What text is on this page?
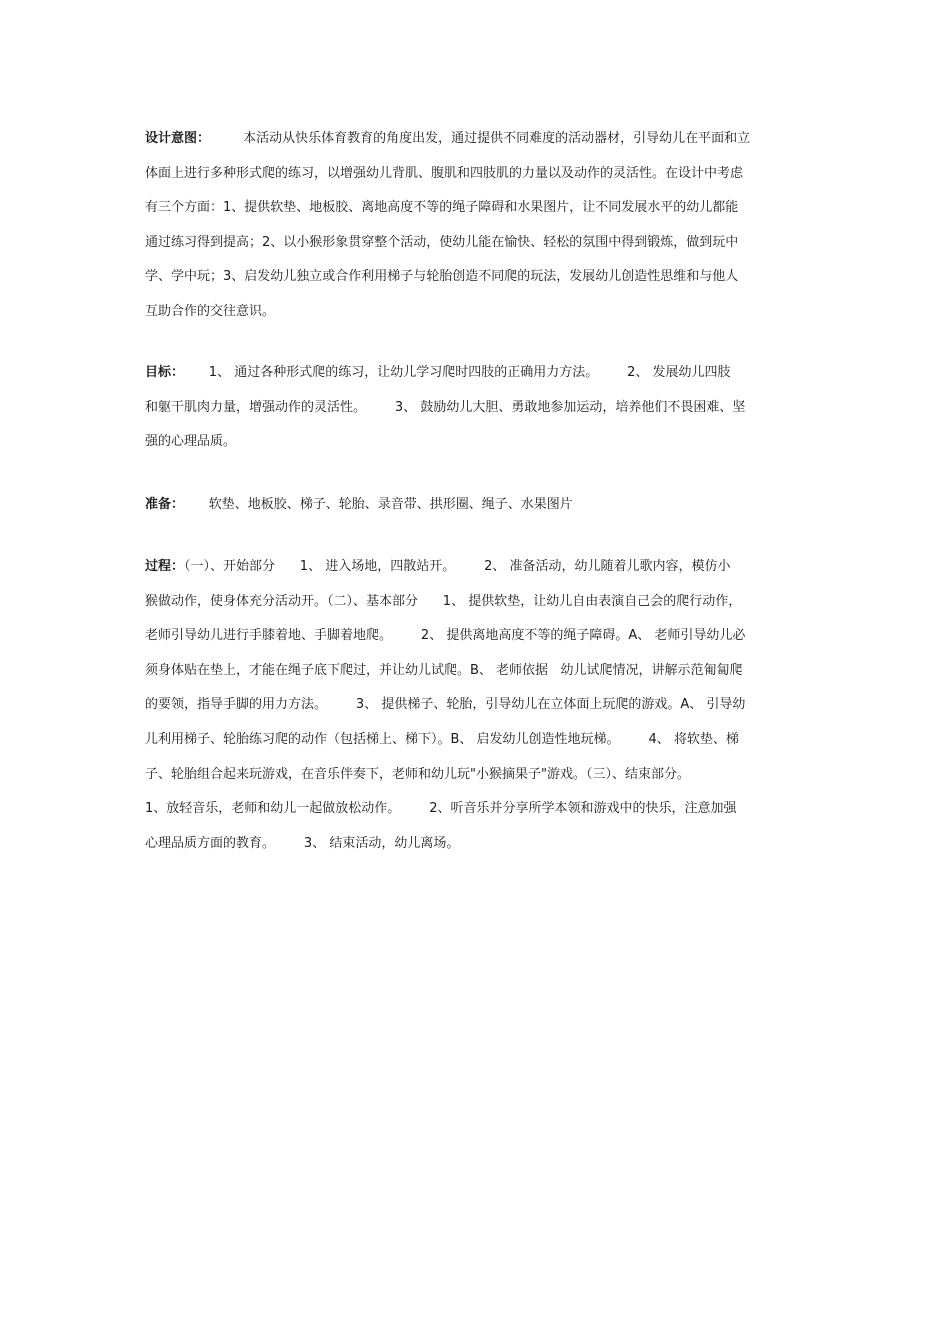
设计意图：        本活动从快乐体育教育的角度出发，通过提供不同难度的活动器材，引导幼儿在平面和立
体面上进行多种形式爬的练习，以增强幼儿背肌、腹肌和四肢肌的力量以及动作的灵活性。在设计中考虑
有三个方面：1、提供软垫、地板胶、离地高度不等的绳子障碍和水果图片，让不同发展水平的幼儿都能
通过练习得到提高；2、以小猴形象贯穿整个活动，使幼儿能在愉快、轻松的氛围中得到锻炼，做到玩中
学、学中玩；3、启发幼儿独立或合作利用梯子与轮胎创造不同爬的玩法，发展幼儿创造性思维和与他人
互助合作的交往意识。
目标：      1、 通过各种形式爬的练习，让幼儿学习爬时四肢的正确用力方法。       2、 发展幼儿四肢
和躯干肌肉力量，增强动作的灵活性。       3、 鼓励幼儿大胆、勇敢地参加运动，培养他们不畏困难、坚
强的心理品质。
准备：      软垫、地板胶、梯子、轮胎、录音带、拱形圈、绳子、水果图片
过程：（一）、开始部分      1、 进入场地，四散站开。       2、 准备活动，幼儿随着儿歌内容，模仿小
猴做动作，使身体充分活动开。（二）、基本部分      1、 提供软垫，让幼儿自由表演自己会的爬行动作，
老师引导幼儿进行手膝着地、手脚着地爬。       2、 提供离地高度不等的绳子障碍。A、 老师引导幼儿必
须身体贴在垫上，才能在绳子底下爬过，并让幼儿试爬。B、 老师依据   幼儿试爬情况，讲解示范匍匐爬
的要领，指导手脚的用力方法。       3、 提供梯子、轮胎，引导幼儿在立体面上玩爬的游戏。A、 引导幼
儿利用梯子、轮胎练习爬的动作（包括梯上、梯下）。B、 启发幼儿创造性地玩梯。       4、 将软垫、梯
子、轮胎组合起来玩游戏，在音乐伴奏下，老师和幼儿玩"小猴摘果子"游戏。（三）、结束部分。
1、放轻音乐，老师和幼儿一起做放松动作。       2、听音乐并分享所学本领和游戏中的快乐，注意加强
心理品质方面的教育。       3、 结束活动，幼儿离场。
